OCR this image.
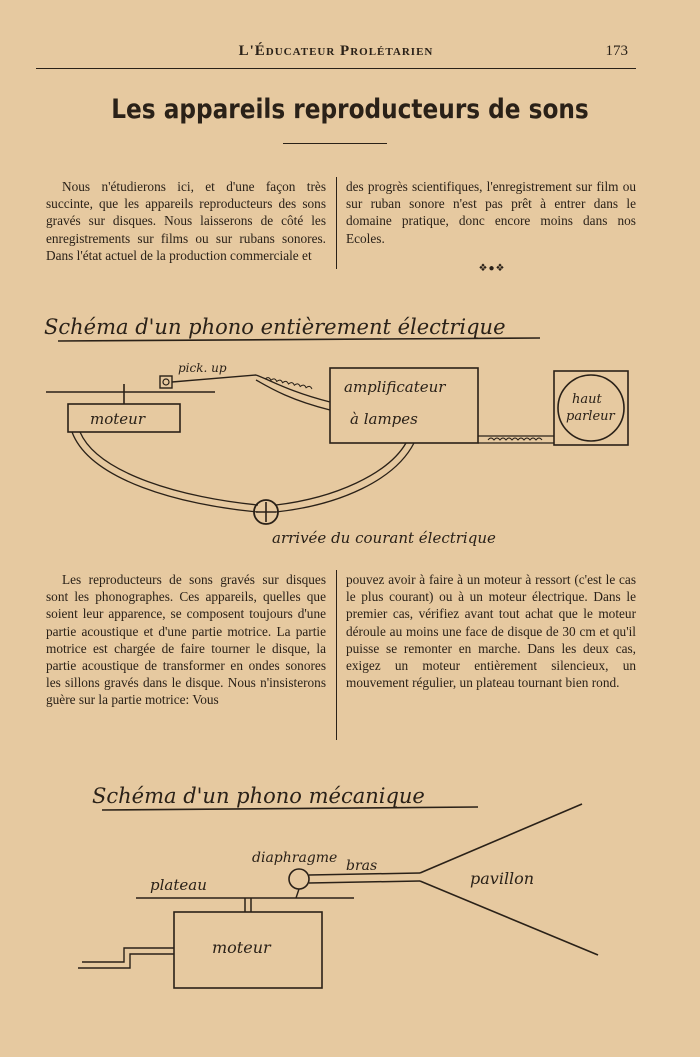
L'Éducateur Prolétarien	173
Les appareils reproducteurs de sons

Nous n'étudierons ici, et d'une façon très succinte, que les appareils reproducteurs des sons gravés sur disques. Nous laisserons de côté les enregistrements sur films ou sur rubans sonores. Dans l'état actuel de la production commerciale et

des progrès scientifiques, l'enregistrement sur film ou sur ruban sonore n'est pas prêt à entrer dans le domaine pratique, donc encore moins dans nos Ecoles.

❖●❖
Schéma d'un phono entièrement électrique
moteur
pick. up
amplificateur
à lampes
haut
parleur
arrivée du courant électrique

Les reproducteurs de sons gravés sur disques sont les phonographes. Ces appareils, quelles que soient leur apparence, se composent toujours d'une partie acoustique et d'une partie motrice. La partie motrice est chargée de faire tourner le disque, la partie acoustique de transformer en ondes sonores les sillons gravés dans le disque. Nous n'insisterons guère sur la partie motrice: Vous

pouvez avoir à faire à un moteur à ressort (c'est le cas le plus courant) ou à un moteur électrique. Dans le premier cas, vérifiez avant tout achat que le moteur déroule au moins une face de disque de 30 cm et qu'il puisse se remonter en marche. Dans les deux cas, exigez un moteur entièrement silencieux, un mouvement régulier, un plateau tournant bien rond.

Schéma d'un phono mécanique
plateau
moteur
diaphragme bras
pavillon
